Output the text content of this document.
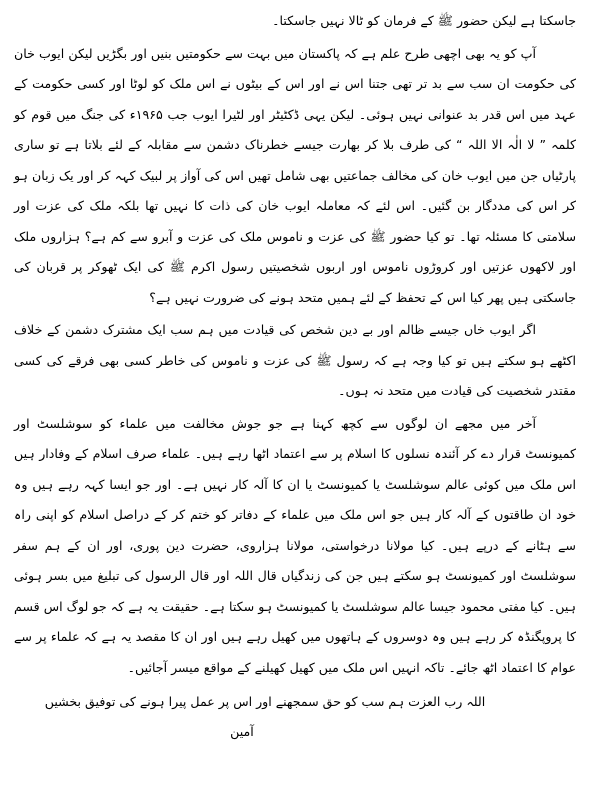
جاسکتا ہے لیکن حضور ﷺ کے فرمان کو ٹالا نہیں جاسکتا۔

آپ کو یہ بھی اچھی طرح علم ہے کہ پاکستان میں بہت سے حکومتیں بنیں اور بگڑیں لیکن ایوب خان کی حکومت ان سب سے بد تر تھی جتنا اس نے اور اس کے بیٹوں نے اس ملک کو لوٹا اور کسی حکومت کے عہد میں اس قدر بد عنوانی نہیں ہوئی۔ لیکن یہی ڈکٹیٹر اور لٹیرا ایوب جب ۱۹۶۵ء کی جنگ میں قوم کو کلمہ ” لا الٰہ الا اللہ “ کی طرف بلا کر بھارت جیسے خطرناک دشمن سے مقابلہ کے لئے بلاتا ہے تو ساری پارٹیاں جن میں ایوب خان کی مخالف جماعتیں بھی شامل تھیں اس کی آواز پر لبیک کہہ کر اور یک زبان ہو کر اس کی مددگار بن گئیں۔ اس لئے کہ معاملہ ایوب خان کی ذات کا نہیں تھا بلکہ ملک کی عزت اور سلامتی کا مسئلہ تھا۔ تو کیا حضور ﷺ کی عزت و ناموس ملک کی عزت و آبرو سے کم ہے؟ ہزاروں ملک اور لاکھوں عزتیں اور کروڑوں ناموس اور اربوں شخصیتیں رسول اکرم ﷺ کی ایک ٹھوکر پر قربان کی جاسکتی ہیں پھر کیا اس کے تحفظ کے لئے ہمیں متحد ہونے کی ضرورت نہیں ہے؟

اگر ایوب خاں جیسے ظالم اور بے دین شخص کی قیادت میں ہم سب ایک مشترک دشمن کے خلاف اکٹھے ہو سکتے ہیں تو کیا وجہ ہے کہ رسول ﷺ کی عزت و ناموس کی خاطر کسی بھی فرقے کی کسی مقتدر شخصیت کی قیادت میں متحد نہ ہوں۔

آخر میں مجھے ان لوگوں سے کچھ کہنا ہے جو جوش مخالفت میں علماء کو سوشلسٹ اور کمیونسٹ قرار دے کر آئندہ نسلوں کا اسلام پر سے اعتماد اٹھا رہے ہیں۔ علماء صرف اسلام کے وفادار ہیں اس ملک میں کوئی عالم سوشلسٹ یا کمیونسٹ یا ان کا آلہ کار نہیں ہے۔ اور جو ایسا کہہ رہے ہیں وہ خود ان طاقتوں کے آلہ کار ہیں جو اس ملک میں علماء کے دفاتر کو ختم کر کے دراصل اسلام کو اپنی راہ سے ہٹانے کے درپے ہیں۔ کیا مولانا درخواستی، مولانا ہزاروی، حضرت دین پوری، اور ان کے ہم سفر سوشلسٹ اور کمیونسٹ ہو سکتے ہیں جن کی زندگیاں قال اللہ اور قال الرسول کی تبلیغ میں بسر ہوئی ہیں۔ کیا مفتی محمود جیسا عالم سوشلسٹ یا کمیونسٹ ہو سکتا ہے۔ حقیقت یہ ہے کہ جو لوگ اس قسم کا پروپگنڈہ کر رہے ہیں وہ دوسروں کے ہاتھوں میں کھیل رہے ہیں اور ان کا مقصد یہ ہے کہ علماء پر سے عوام کا اعتماد اٹھ جائے۔ تاکہ انہیں اس ملک میں کھیل کھیلنے کے مواقع میسر آجائیں۔

اللہ رب العزت ہم سب کو حق سمجھنے اور اس پر عمل پیرا ہونے کی توفیق بخشیں آمین
